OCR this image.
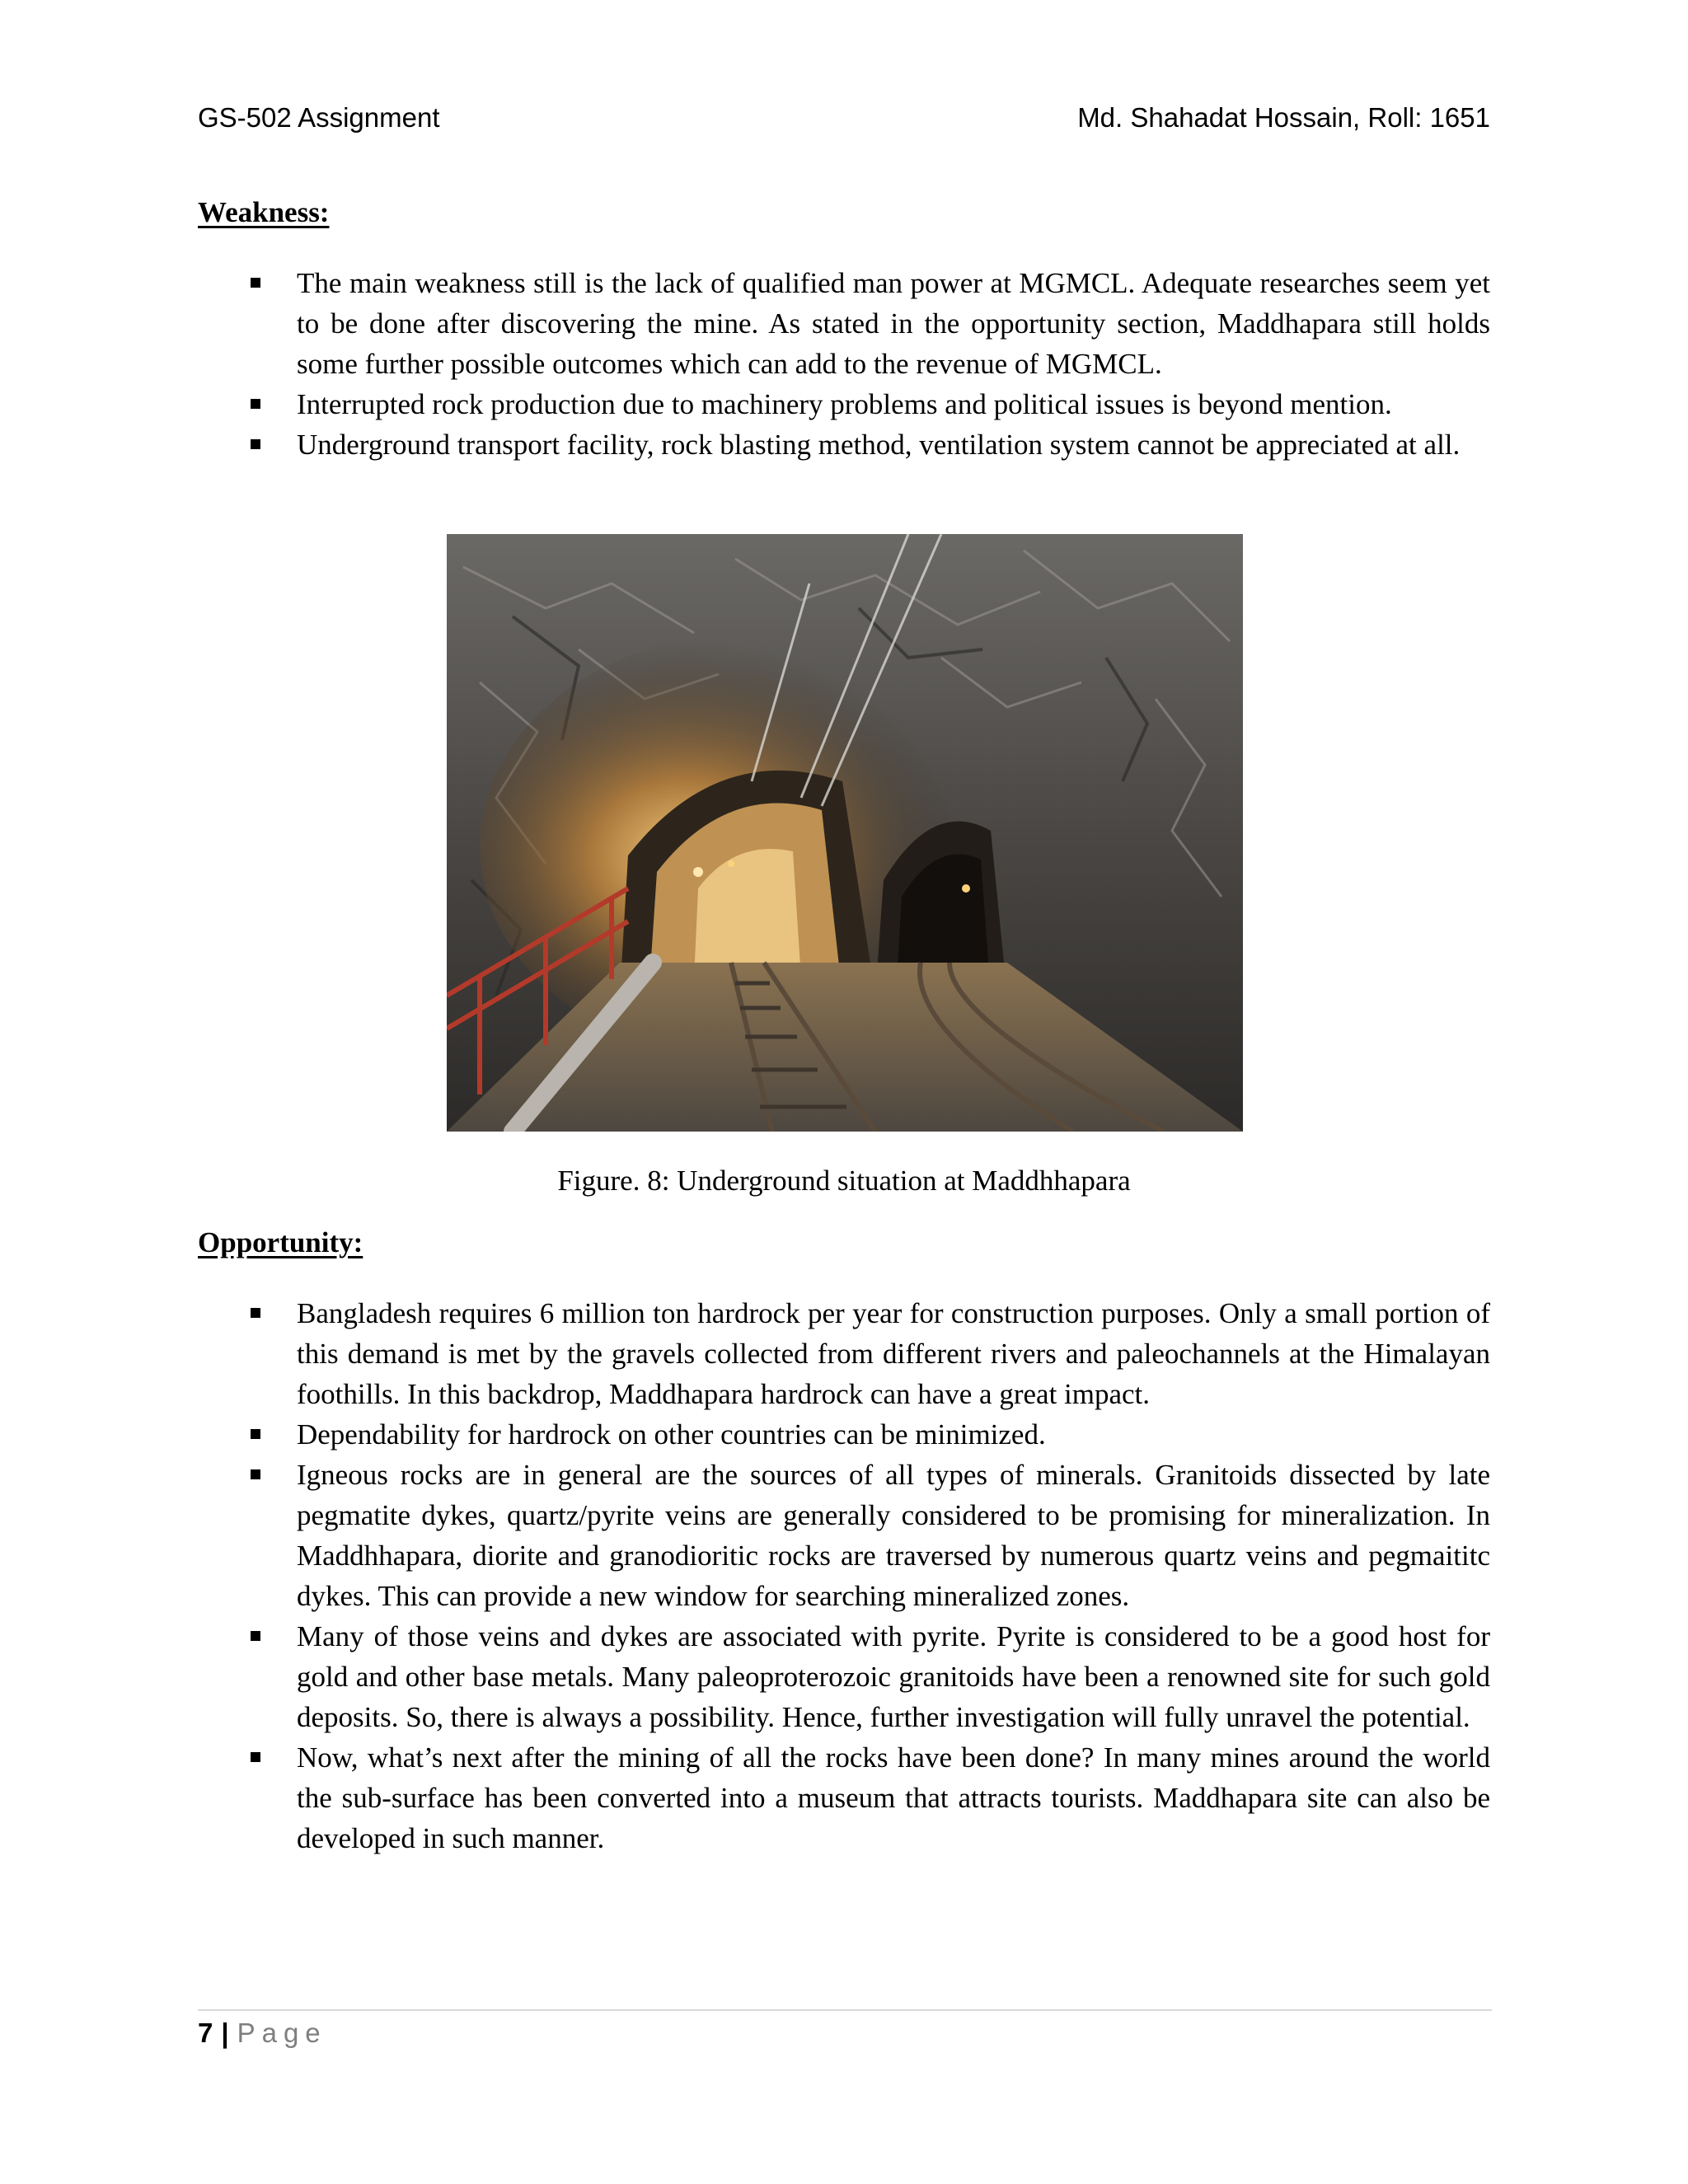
GS-502 Assignment	Md. Shahadat Hossain, Roll: 1651
Weakness:
The main weakness still is the lack of qualified man power at MGMCL. Adequate researches seem yet to be done after discovering the mine. As stated in the opportunity section, Maddhapara still holds some further possible outcomes which can add to the revenue of MGMCL.
Interrupted rock production due to machinery problems and political issues is beyond mention.
Underground transport facility, rock blasting method, ventilation system cannot be appreciated at all.
Figure. 8: Underground situation at Maddhhapara
Opportunity:
Bangladesh requires 6 million ton hardrock per year for construction purposes. Only a small portion of this demand is met by the gravels collected from different rivers and paleochannels at the Himalayan foothills. In this backdrop, Maddhapara hardrock can have a great impact.
Dependability for hardrock on other countries can be minimized.
Igneous rocks are in general are the sources of all types of minerals. Granitoids dissected by late pegmatite dykes, quartz/pyrite veins are generally considered to be promising for mineralization. In Maddhhapara, diorite and granodioritic rocks are traversed by numerous quartz veins and pegmaititc dykes. This can provide a new window for searching mineralized zones.
Many of those veins and dykes are associated with pyrite. Pyrite is considered to be a good host for gold and other base metals. Many paleoproterozoic granitoids have been a renowned site for such gold deposits. So, there is always a possibility. Hence, further investigation will fully unravel the potential.
Now, what’s next after the mining of all the rocks have been done? In many mines around the world the sub-surface has been converted into a museum that attracts tourists. Maddhapara site can also be developed in such manner.
7 | Page
